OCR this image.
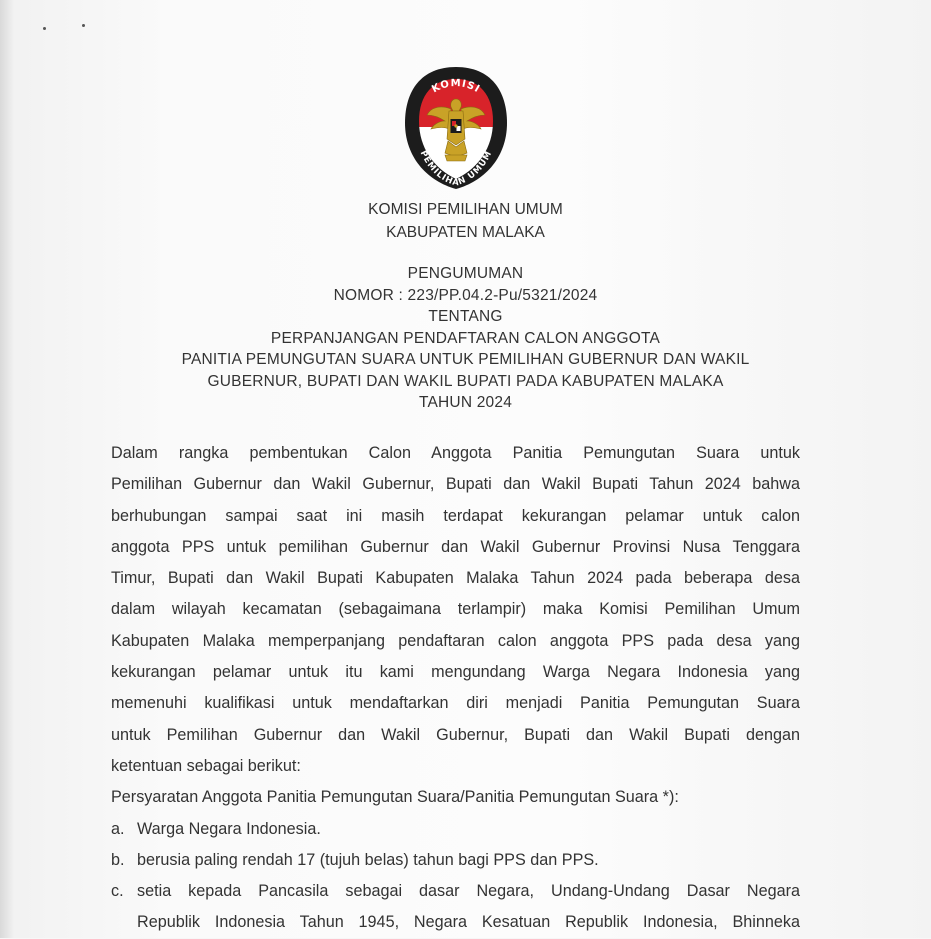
KOMISI
PEMILIHAN UMUM
KOMISI PEMILIHAN UMUM
KABUPATEN MALAKA
PENGUMUMAN
NOMOR : 223/PP.04.2-Pu/5321/2024
TENTANG
PERPANJANGAN PENDAFTARAN CALON ANGGOTA
PANITIA PEMUNGUTAN SUARA UNTUK PEMILIHAN GUBERNUR DAN WAKIL
GUBERNUR, BUPATI DAN WAKIL BUPATI PADA KABUPATEN MALAKA
TAHUN 2024

Dalam rangka pembentukan Calon Anggota Panitia Pemungutan Suara untuk
Pemilihan Gubernur dan Wakil Gubernur, Bupati dan Wakil Bupati Tahun 2024 bahwa
berhubungan sampai saat ini masih terdapat kekurangan pelamar untuk calon
anggota PPS untuk pemilihan Gubernur dan Wakil Gubernur Provinsi Nusa Tenggara
Timur, Bupati dan Wakil Bupati Kabupaten Malaka Tahun 2024 pada beberapa desa
dalam wilayah kecamatan (sebagaimana terlampir) maka Komisi Pemilihan Umum
Kabupaten Malaka memperpanjang pendaftaran calon anggota PPS pada desa yang
kekurangan pelamar untuk itu kami mengundang Warga Negara Indonesia yang
memenuhi kualifikasi untuk mendaftarkan diri menjadi Panitia Pemungutan Suara
untuk Pemilihan Gubernur dan Wakil Gubernur, Bupati dan Wakil Bupati dengan
ketentuan sebagai berikut:

Persyaratan Anggota Panitia Pemungutan Suara/Panitia Pemungutan Suara *):

a. Warga Negara Indonesia.
b. berusia paling rendah 17 (tujuh belas) tahun bagi PPS dan PPS.
c. setia kepada Pancasila sebagai dasar Negara, Undang-Undang Dasar Negara
Republik Indonesia Tahun 1945, Negara Kesatuan Republik Indonesia, Bhinneka
